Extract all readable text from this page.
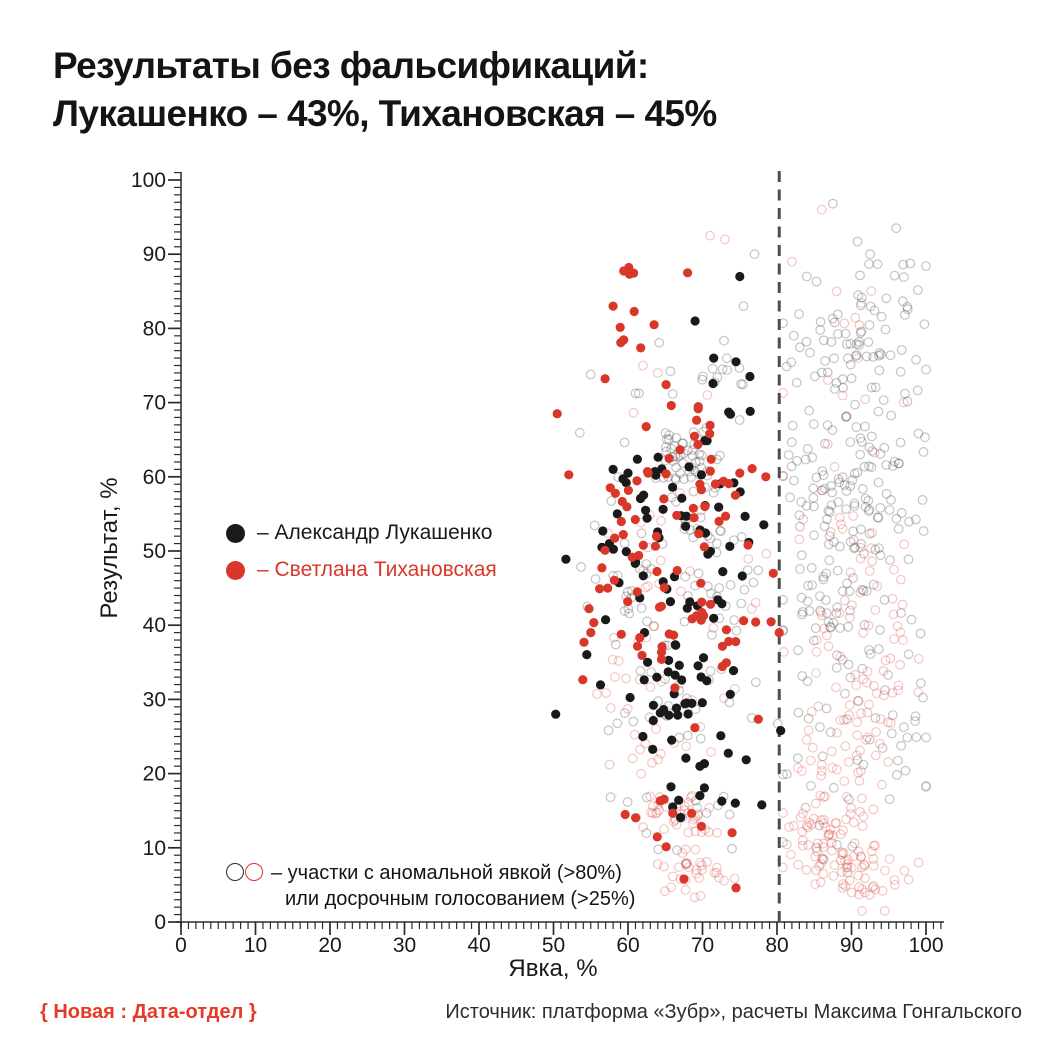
Результаты без фальсификаций:
Лукашенко – 43%, Тихановская – 45%
0	10 20 30 40 50 60 70 80 90 100
0
10
20
30
40
50
60
70
80
90
100
Явка, %
Результат, %	– Александр Лукашенко
– Светлана Тихановская
– участки с аномальной явкой (>80%)
или досрочным голосованием (>25%)
{ Новая : Дата-отдел }	Источник: платформа «Зубр», расчеты Максима Гонгальского
